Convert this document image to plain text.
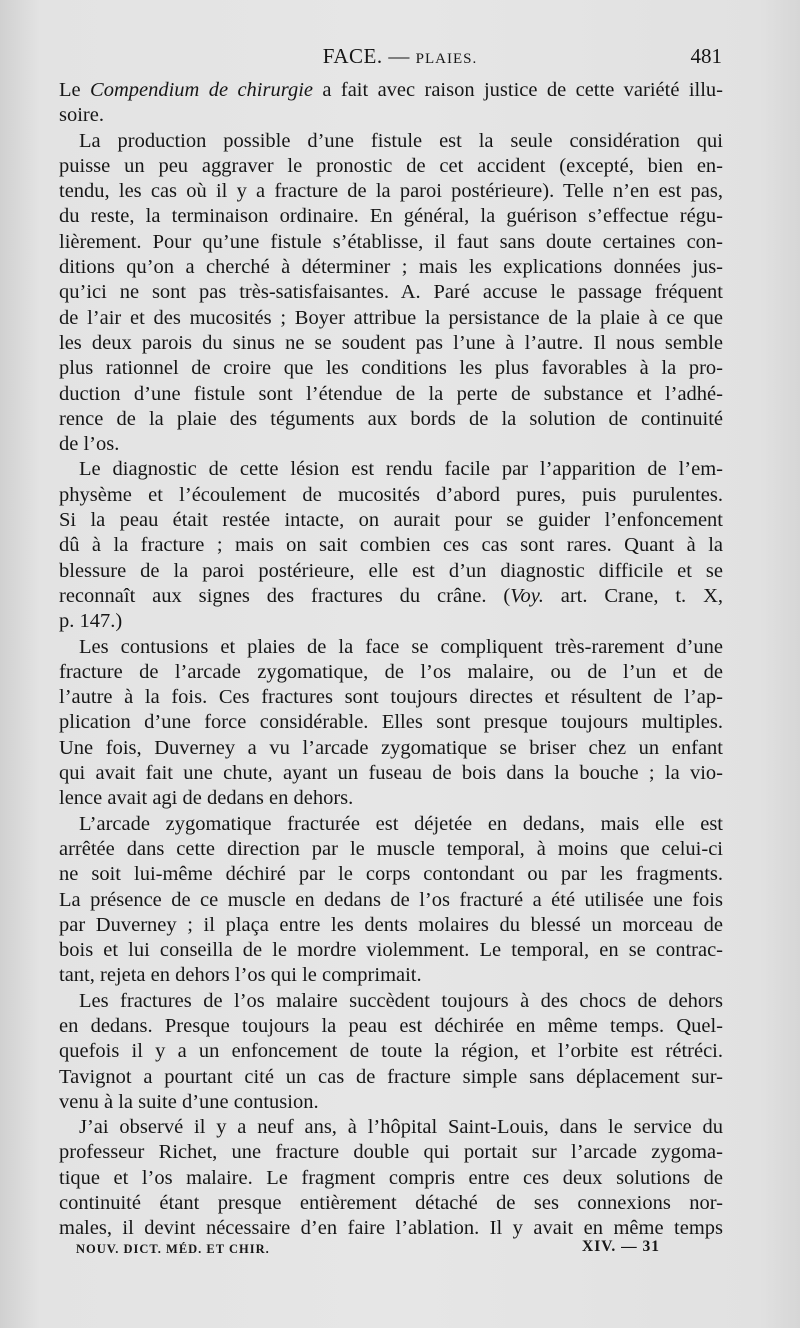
FACE. — PLAIES.	481
Le Compendium de chirurgie a fait avec raison justice de cette variété illu-
soire.
La production possible d’une fistule est la seule considération qui
puisse un peu aggraver le pronostic de cet accident (excepté, bien en-
tendu, les cas où il y a fracture de la paroi postérieure). Telle n’en est pas,
du reste, la terminaison ordinaire. En général, la guérison s’effectue régu-
lièrement. Pour qu’une fistule s’établisse, il faut sans doute certaines con-
ditions qu’on a cherché à déterminer ; mais les explications données jus-
qu’ici ne sont pas très-satisfaisantes. A. Paré accuse le passage fréquent
de l’air et des mucosités ; Boyer attribue la persistance de la plaie à ce que
les deux parois du sinus ne se soudent pas l’une à l’autre. Il nous semble
plus rationnel de croire que les conditions les plus favorables à la pro-
duction d’une fistule sont l’étendue de la perte de substance et l’adhé-
rence de la plaie des téguments aux bords de la solution de continuité
de l’os.
Le diagnostic de cette lésion est rendu facile par l’apparition de l’em-
physème et l’écoulement de mucosités d’abord pures, puis purulentes.
Si la peau était restée intacte, on aurait pour se guider l’enfoncement
dû à la fracture ; mais on sait combien ces cas sont rares. Quant à la
blessure de la paroi postérieure, elle est d’un diagnostic difficile et se
reconnaît aux signes des fractures du crâne. (Voy. art. Crane, t. X,
p. 147.)
Les contusions et plaies de la face se compliquent très-rarement d’une
fracture de l’arcade zygomatique, de l’os malaire, ou de l’un et de
l’autre à la fois. Ces fractures sont toujours directes et résultent de l’ap-
plication d’une force considérable. Elles sont presque toujours multiples.
Une fois, Duverney a vu l’arcade zygomatique se briser chez un enfant
qui avait fait une chute, ayant un fuseau de bois dans la bouche ; la vio-
lence avait agi de dedans en dehors.
L’arcade zygomatique fracturée est déjetée en dedans, mais elle est
arrêtée dans cette direction par le muscle temporal, à moins que celui-ci
ne soit lui-même déchiré par le corps contondant ou par les fragments.
La présence de ce muscle en dedans de l’os fracturé a été utilisée une fois
par Duverney ; il plaça entre les dents molaires du blessé un morceau de
bois et lui conseilla de le mordre violemment. Le temporal, en se contrac-
tant, rejeta en dehors l’os qui le comprimait.
Les fractures de l’os malaire succèdent toujours à des chocs de dehors
en dedans. Presque toujours la peau est déchirée en même temps. Quel-
quefois il y a un enfoncement de toute la région, et l’orbite est rétréci.
Tavignot a pourtant cité un cas de fracture simple sans déplacement sur-
venu à la suite d’une contusion.
J’ai observé il y a neuf ans, à l’hôpital Saint-Louis, dans le service du
professeur Richet, une fracture double qui portait sur l’arcade zygoma-
tique et l’os malaire. Le fragment compris entre ces deux solutions de
continuité étant presque entièrement détaché de ses connexions nor-
males, il devint nécessaire d’en faire l’ablation. Il y avait en même temps
NOUV. DICT. MÉD. ET CHIR.	XIV. — 31
